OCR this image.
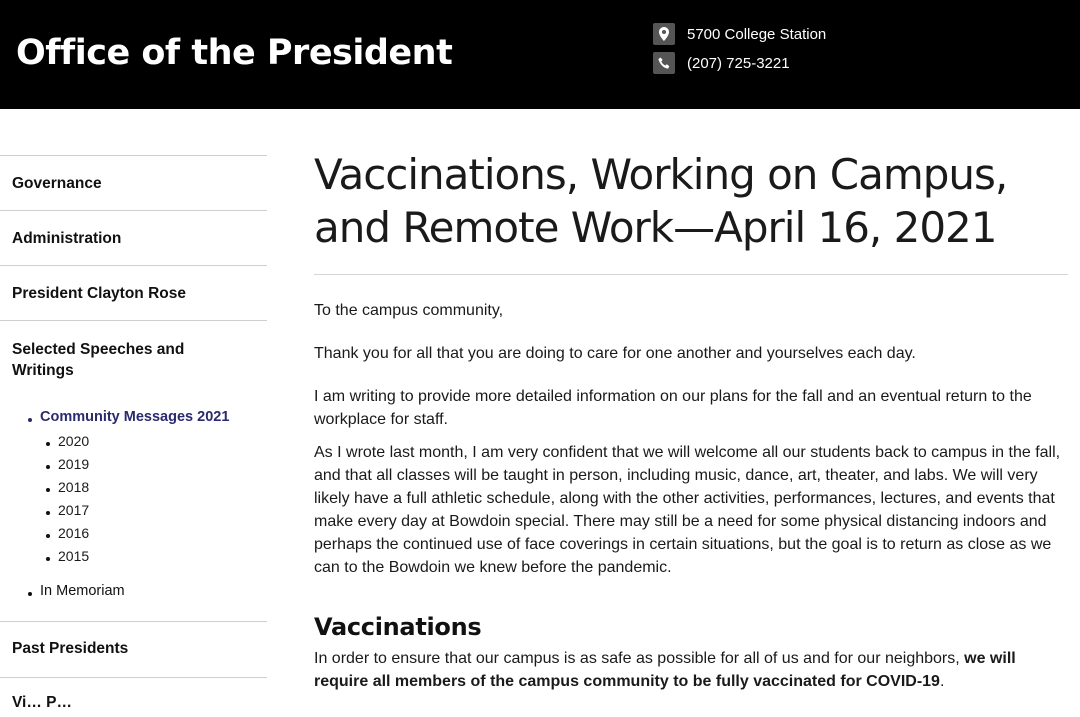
Office of the President	5700 College Station
(207) 725-3221
Governance
Administration
President Clayton Rose
Selected Speeches and Writings
Community Messages 2021
2020
2019
2018
2017
2016
2015
In Memoriam
Past Presidents
Vi… P…
Vaccinations, Working on Campus, and Remote Work—April 16, 2021

To the campus community,

Thank you for all that you are doing to care for one another and yourselves each day.

I am writing to provide more detailed information on our plans for the fall and an eventual return to the workplace for staff.

As I wrote last month, I am very confident that we will welcome all our students back to campus in the fall, and that all classes will be taught in person, including music, dance, art, theater, and labs. We will very likely have a full athletic schedule, along with the other activities, performances, lectures, and events that make every day at Bowdoin special. There may still be a need for some physical distancing indoors and perhaps the continued use of face coverings in certain situations, but the goal is to return as close as we can to the Bowdoin we knew before the pandemic.

Vaccinations

In order to ensure that our campus is as safe as possible for all of us and for our neighbors, we will require all members of the campus community to be fully vaccinated for COVID-19.
